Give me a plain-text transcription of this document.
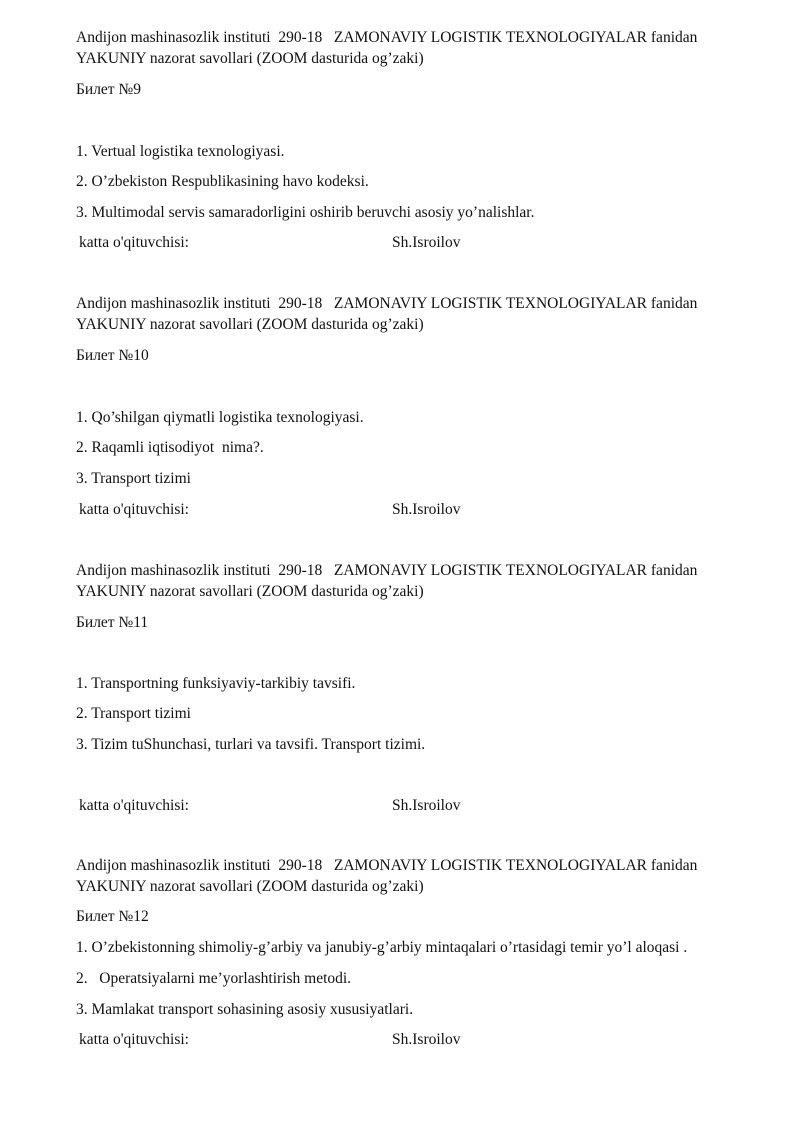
Andijon mashinasozlik instituti  290-18   ZAMONAVIY LOGISTIK TEXNOLOGIYALAR fanidan
YAKUNIY nazorat savollari (ZOOM dasturida og’zaki)
Билет №9
1. Vertual logistika texnologiyasi.
2. O’zbekiston Respublikasining havo kodeksi.
3. Multimodal servis samaradorligini oshirib beruvchi asosiy yo’nalishlar.
katta o'qituvchisi:	Sh.Isroilov
Andijon mashinasozlik instituti  290-18   ZAMONAVIY LOGISTIK TEXNOLOGIYALAR fanidan
YAKUNIY nazorat savollari (ZOOM dasturida og’zaki)
Билет №10
1. Qo’shilgan qiymatli logistika texnologiyasi.
2. Raqamli iqtisodiyot  nima?.
3. Transport tizimi
katta o'qituvchisi:	Sh.Isroilov
Andijon mashinasozlik instituti  290-18   ZAMONAVIY LOGISTIK TEXNOLOGIYALAR fanidan
YAKUNIY nazorat savollari (ZOOM dasturida og’zaki)
Билет №11
1. Transportning funksiyaviy-tarkibiy tavsifi.
2. Transport tizimi
3. Tizim tuShunchasi, turlari va tavsifi. Transport tizimi.
katta o'qituvchisi:	Sh.Isroilov
Andijon mashinasozlik instituti  290-18   ZAMONAVIY LOGISTIK TEXNOLOGIYALAR fanidan
YAKUNIY nazorat savollari (ZOOM dasturida og’zaki)
Билет №12
1. O’zbekistonning shimoliy-g’arbiy va janubiy-g’arbiy mintaqalari o’rtasidagi temir yo’l aloqasi .
2.   Operatsiyalarni me’yorlashtirish metodi.
3. Mamlakat transport sohasining asosiy xususiyatlari.
katta o'qituvchisi:	Sh.Isroilov
